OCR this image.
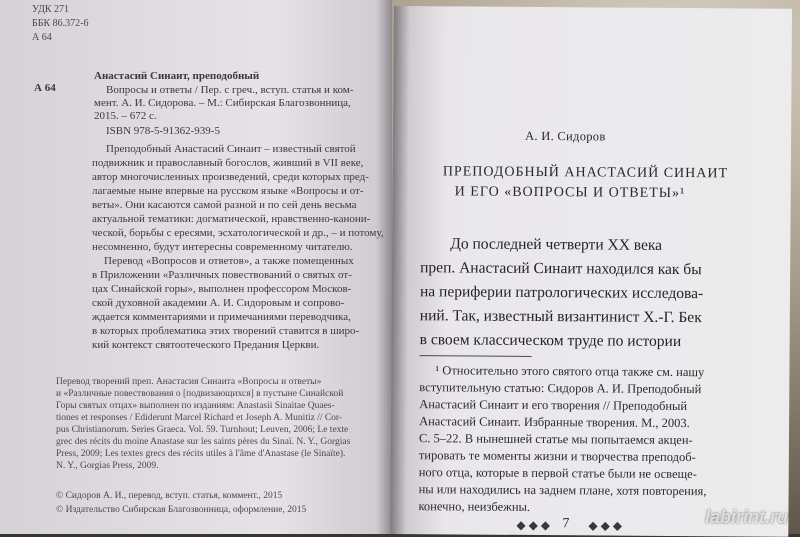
УДК 271
ББК 86.372-6
А 64
А 64
Анастасий Синаит, преподобный
Вопросы и ответы / Пер. с греч., вступ. статья и ком-
мент. А. И. Сидорова. – М.: Сибирская Благозвонница,
2015. – 672 с.
ISBN 978-5-91362-939-5
Преподобный Анастасий Синаит – известный святой
подвижник и православный богослов, живший в VII веке,
автор многочисленных произведений, среди которых пред-
лагаемые ныне впервые на русском языке «Вопросы и от-
веты». Они касаются самой разной и по сей день весьма
актуальной тематики: догматической, нравственно-канони-
ческой, борьбы с ересями, эсхатологической и др., – и потому,
несомненно, будут интересны современному читателю.
Перевод «Вопросов и ответов», а также помещенных
в Приложении «Различных повествований о святых от-
цах Синайской горы», выполнен профессором Москов-
ской духовной академии А. И. Сидоровым и сопрово-
ждается комментариями и примечаниями переводчика,
в которых проблематика этих творений ставится в широ-
кий контекст святоотеческого Предания Церкви.
Перевод творений преп. Анастасия Синаита «Вопросы и ответы»
и «Различные повествования о [подвизающихся] в пустыне Синайской
Горы святых отцах» выполнен по изданиям: Anastasii Sinaitae Quaes-
tiones et responses / Ediderunt Marcel Richard et Joseph A. Munitiz // Cor-
pus Christianorum. Series Graeca. Vol. 59. Turnhout; Leuven, 2006; Le texte
grec des récits du moine Anastase sur les saints pères du Sinaï. N. Y., Gorgias
Press, 2009; Les textes grecs des récits utiles à l'âme d'Anastase (le Sinaïte).
N. Y., Gorgias Press, 2009.
© Сидоров А. И., перевод, вступ. статья, коммент., 2015
© Издательство Сибирская Благозвонница, оформление, 2015
А. И. Сидоров
ПРЕПОДОБНЫЙ АНАСТАСИЙ СИНАИТ
И ЕГО «ВОПРОСЫ И ОТВЕТЫ»¹
До последней четверти XX века
преп. Анастасий Синаит находился как бы
на периферии патрологических исследова-
ний. Так, известный византинист Х.-Г. Бек
в своем классическом труде по истории
¹ Относительно этого святого отца также см. нашу
вступительную статью: Сидоров А. И. Преподобный
Анастасий Синаит и его творения // Преподобный
Анастасий Синаит. Избранные творения. М., 2003.
С. 5–22. В нынешней статье мы попытаемся акцен-
тировать те моменты жизни и творчества преподоб-
ного отца, которые в первой статье были не освеще-
ны или находились на заднем плане, хотя повторения,
конечно, неизбежны.
◆ ◆ ◆ 7 ◆ ◆ ◆	labirint.ru
